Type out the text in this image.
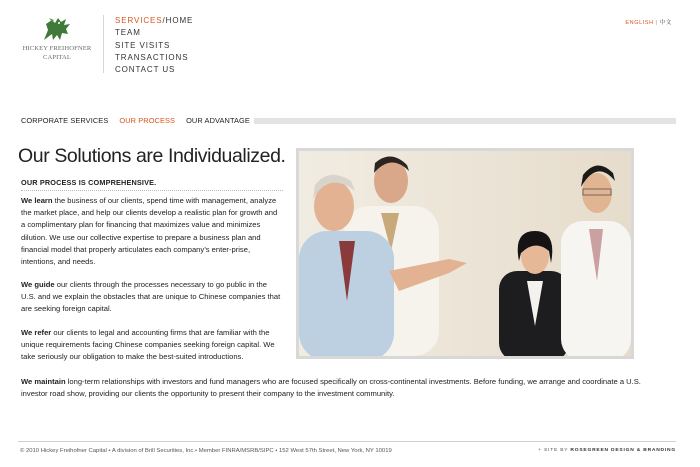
HICKEY FREIHOFNER
CAPITAL
SERVICES/HOME
TEAM
SITE VISITS
TRANSACTIONS
CONTACT US
ENGLISH | 中文
CORPORATE SERVICES OUR PROCESS OUR ADVANTAGE
Our Solutions are Individualized.
OUR PROCESS IS COMPREHENSIVE.

We learn the business of our clients, spend time with management, analyze the market place, and help our clients develop a realistic plan for growth and a complimentary plan for financing that maximizes value and minimizes dilution. We use our collective expertise to prepare a business plan and financial model that properly articulates each company’s enter-prise, intentions, and needs.

We guide our clients through the processes necessary to go public in the U.S. and we explain the obstacles that are unique to Chinese companies that are seeking foreign capital.

We refer our clients to legal and accounting firms that are familiar with the unique requirements facing Chinese companies seeking foreign capital. We take seriously our obligation to make the best-suited introductions.

We maintain long-term relationships with investors and fund managers who are focused specifically on cross-continental investments. Before funding, we arrange and coordinate a U.S. investor road show, providing our clients the opportunity to present their company to the investment community.

© 2010 Hickey Freihofner Capital • A division of Brill Securities, Inc.• Member FINRA/MSRB/SIPC • 152 West 57th Street, New York, NY 10019	+ SITE BY ROSEGREEN DESIGN & BRANDING
